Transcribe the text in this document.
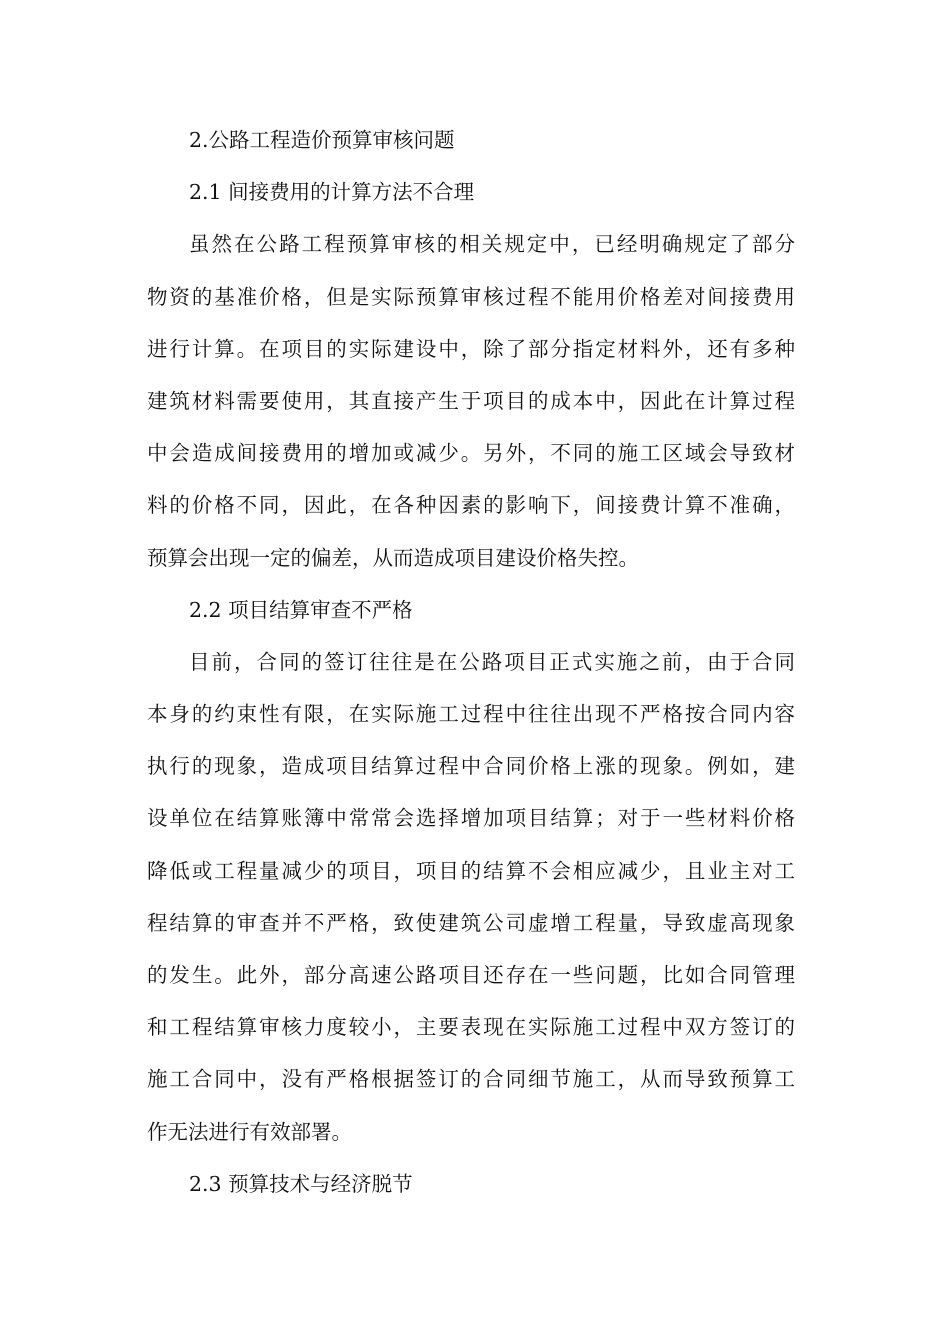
2.公路工程造价预算审核问题
2.1 间接费用的计算方法不合理
虽然在公路工程预算审核的相关规定中，已经明确规定了部分
物资的基准价格，但是实际预算审核过程不能用价格差对间接费用
进行计算。在项目的实际建设中，除了部分指定材料外，还有多种
建筑材料需要使用，其直接产生于项目的成本中，因此在计算过程
中会造成间接费用的增加或减少。另外，不同的施工区域会导致材
料的价格不同，因此，在各种因素的影响下，间接费计算不准确，
预算会出现一定的偏差，从而造成项目建设价格失控。
2.2 项目结算审查不严格
目前，合同的签订往往是在公路项目正式实施之前，由于合同
本身的约束性有限，在实际施工过程中往往出现不严格按合同内容
执行的现象，造成项目结算过程中合同价格上涨的现象。例如，建
设单位在结算账簿中常常会选择增加项目结算；对于一些材料价格
降低或工程量减少的项目，项目的结算不会相应减少，且业主对工
程结算的审查并不严格，致使建筑公司虚增工程量，导致虚高现象
的发生。此外，部分高速公路项目还存在一些问题，比如合同管理
和工程结算审核力度较小，主要表现在实际施工过程中双方签订的
施工合同中，没有严格根据签订的合同细节施工，从而导致预算工
作无法进行有效部署。
2.3 预算技术与经济脱节
